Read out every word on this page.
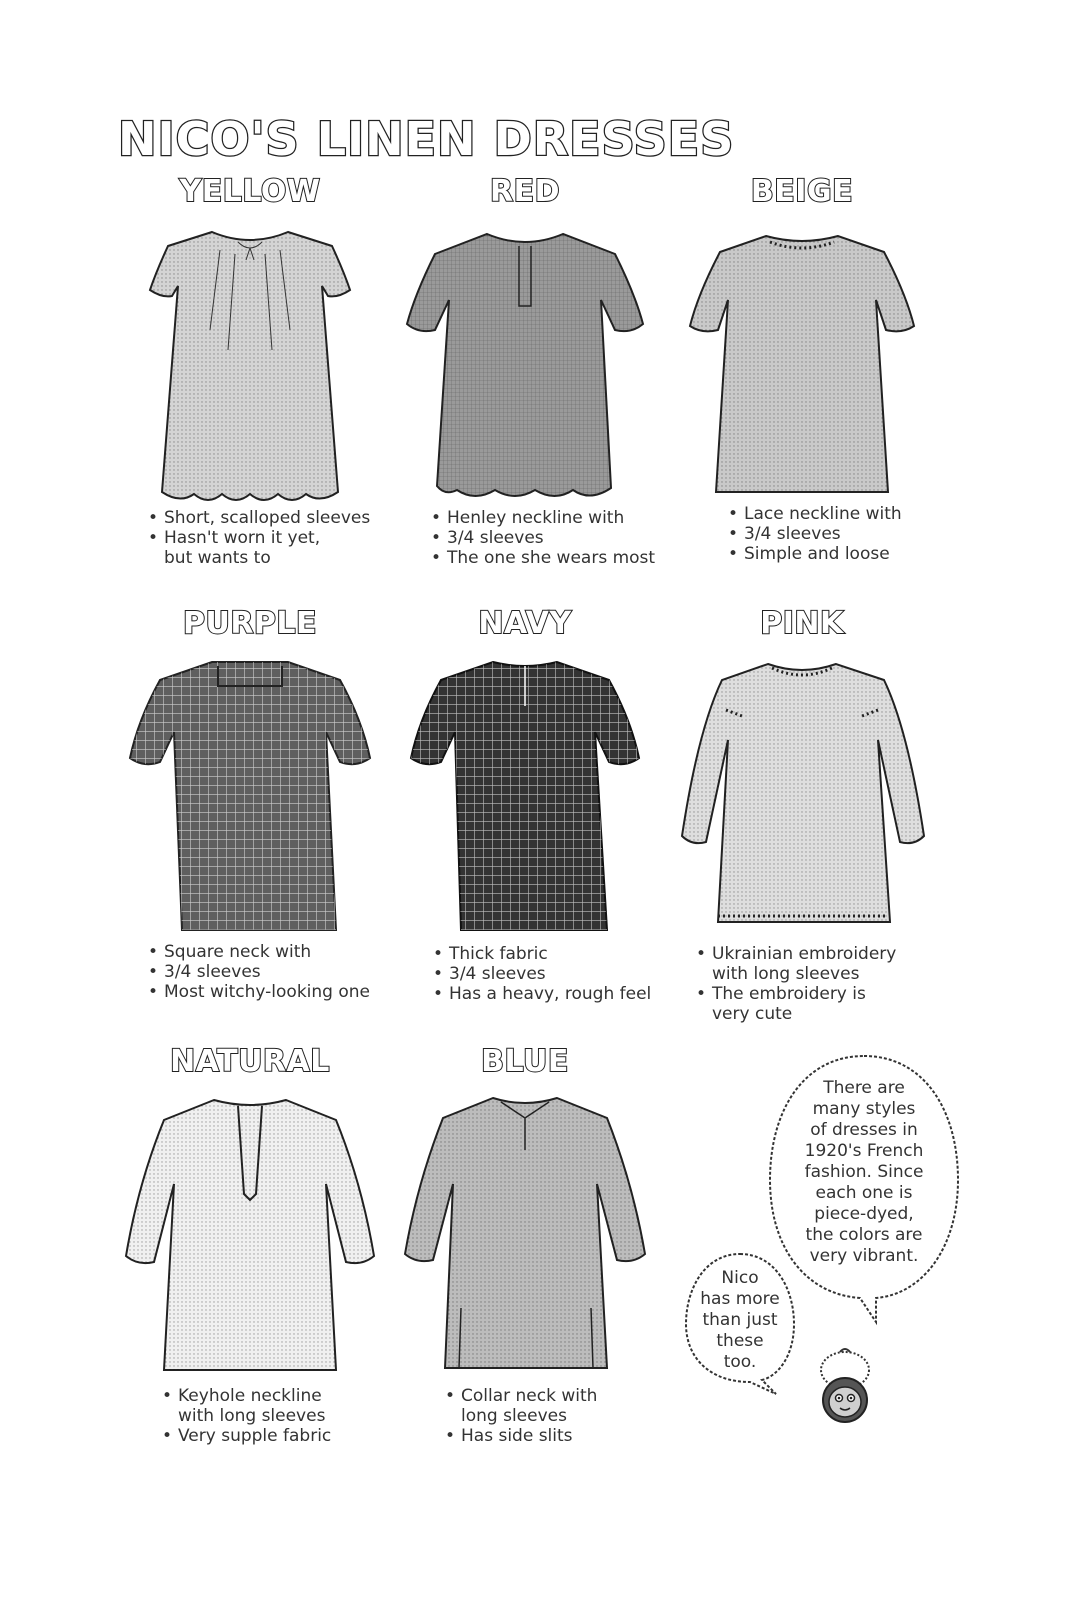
NICO'S LINEN DRESSES
YELLOW
• Short, scalloped sleeves
• Hasn't worn it yet,
but wants to
RED
• Henley neckline with
• 3/4 sleeves
• The one she wears most
BEIGE
• Lace neckline with
• 3/4 sleeves
• Simple and loose
PURPLE
• Square neck with
• 3/4 sleeves
• Most witchy-looking one
NAVY
• Thick fabric
• 3/4 sleeves
• Has a heavy, rough feel
PINK
• Ukrainian embroidery
with long sleeves
• The embroidery is
very cute
NATURAL
• Keyhole neckline
with long sleeves
• Very supple fabric
BLUE
• Collar neck with
long sleeves
• Has side slits
There are
many styles
of dresses in
1920's French
fashion. Since
each one is
piece-dyed,
the colors are
very vibrant.
Nico
has more
than just
these
too.
